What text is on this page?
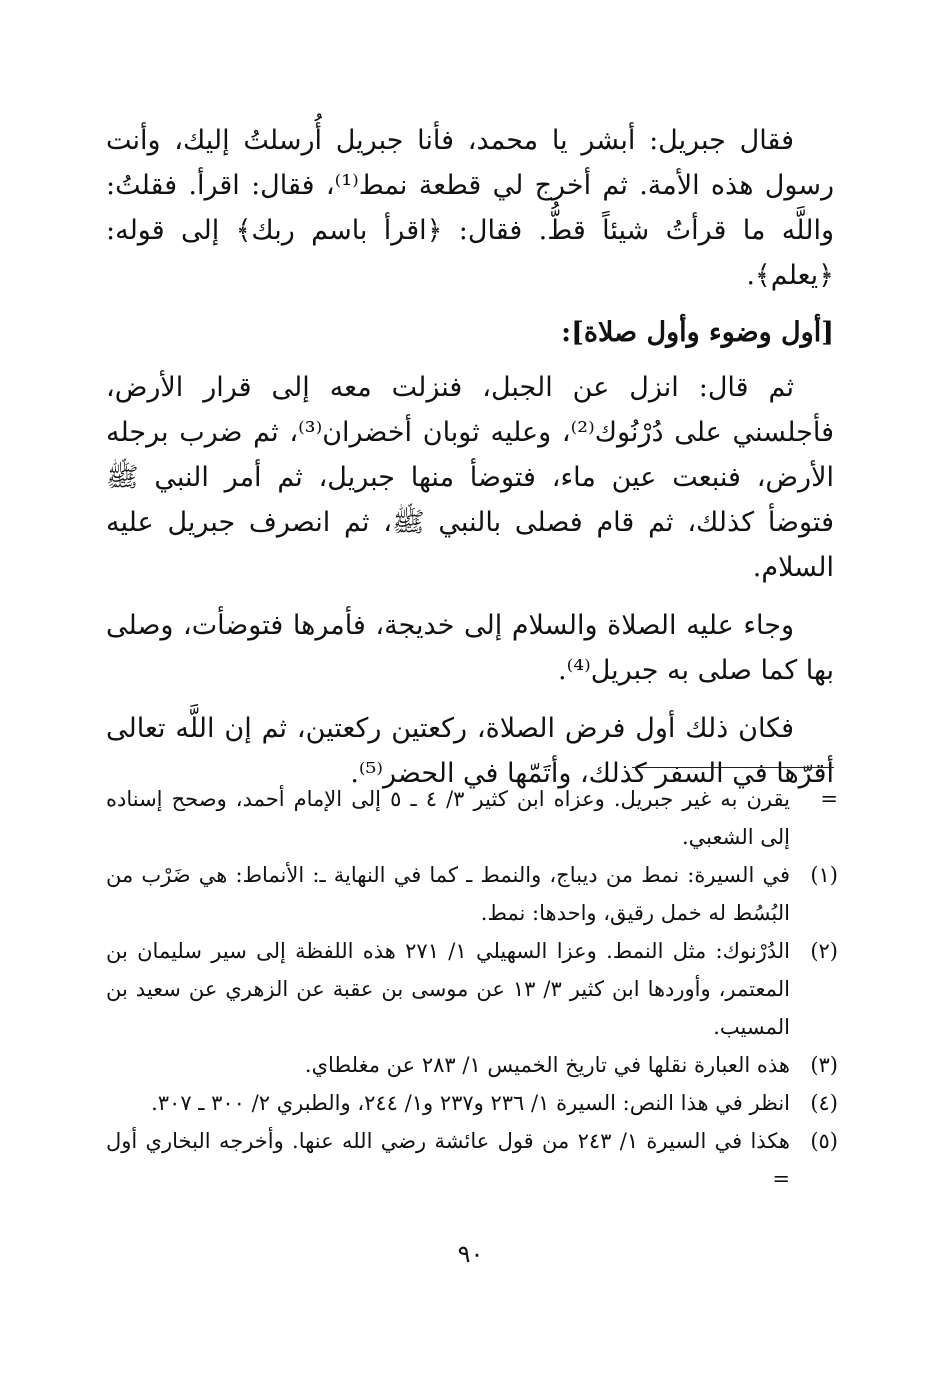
فقال جبريل: أبشر يا محمد، فأنا جبريل أُرسلتُ إليك، وأنت رسول هذه الأمة. ثم أخرج لي قطعة نمط⁽¹⁾، فقال: اقرأ. فقلتُ: واللَّه ما قرأتُ شيئاً قطُّ. فقال: ﴿اقرأ باسم ربك﴾ إلى قوله: ﴿يعلم﴾.

[أول وضوء وأول صلاة]:

ثم قال: انزل عن الجبل، فنزلت معه إلى قرار الأرض، فأجلسني على دُرْنُوك⁽²⁾، وعليه ثوبان أخضران⁽³⁾، ثم ضرب برجله الأرض، فنبعت عين ماء، فتوضأ منها جبريل، ثم أمر النبي ﷺ فتوضأ كذلك، ثم قام فصلى بالنبي ﷺ، ثم انصرف جبريل عليه السلام.

وجاء عليه الصلاة والسلام إلى خديجة، فأمرها فتوضأت، وصلى بها كما صلى به جبريل⁽⁴⁾.

فكان ذلك أول فرض الصلاة، ركعتين ركعتين، ثم إن اللَّه تعالى أقرّها في السفر كذلك، وأتَمّها في الحضر⁽⁵⁾.

=
يقرن به غير جبريل. وعزاه ابن كثير ٣/ ٤ ـ ٥ إلى الإمام أحمد، وصحح إسناده إلى الشعبي.
(١)
في السيرة: نمط من ديباج، والنمط ـ كما في النهاية ـ: الأنماط: هي ضَرْب من البُسُط له خمل رقيق، واحدها: نمط.
(٢)
الدُرْنوك: مثل النمط. وعزا السهيلي ١/ ٢٧١ هذه اللفظة إلى سير سليمان بن المعتمر، وأوردها ابن كثير ٣/ ١٣ عن موسى بن عقبة عن الزهري عن سعيد بن المسيب.
(٣)
هذه العبارة نقلها في تاريخ الخميس ١/ ٢٨٣ عن مغلطاي.
(٤)
انظر في هذا النص: السيرة ١/ ٢٣٦ و٢٣٧ و١/ ٢٤٤، والطبري ٢/ ٣٠٠ ـ ٣٠٧.
(٥)
هكذا في السيرة ١/ ٢٤٣ من قول عائشة رضي الله عنها. وأخرجه البخاري أول =
٩٠
